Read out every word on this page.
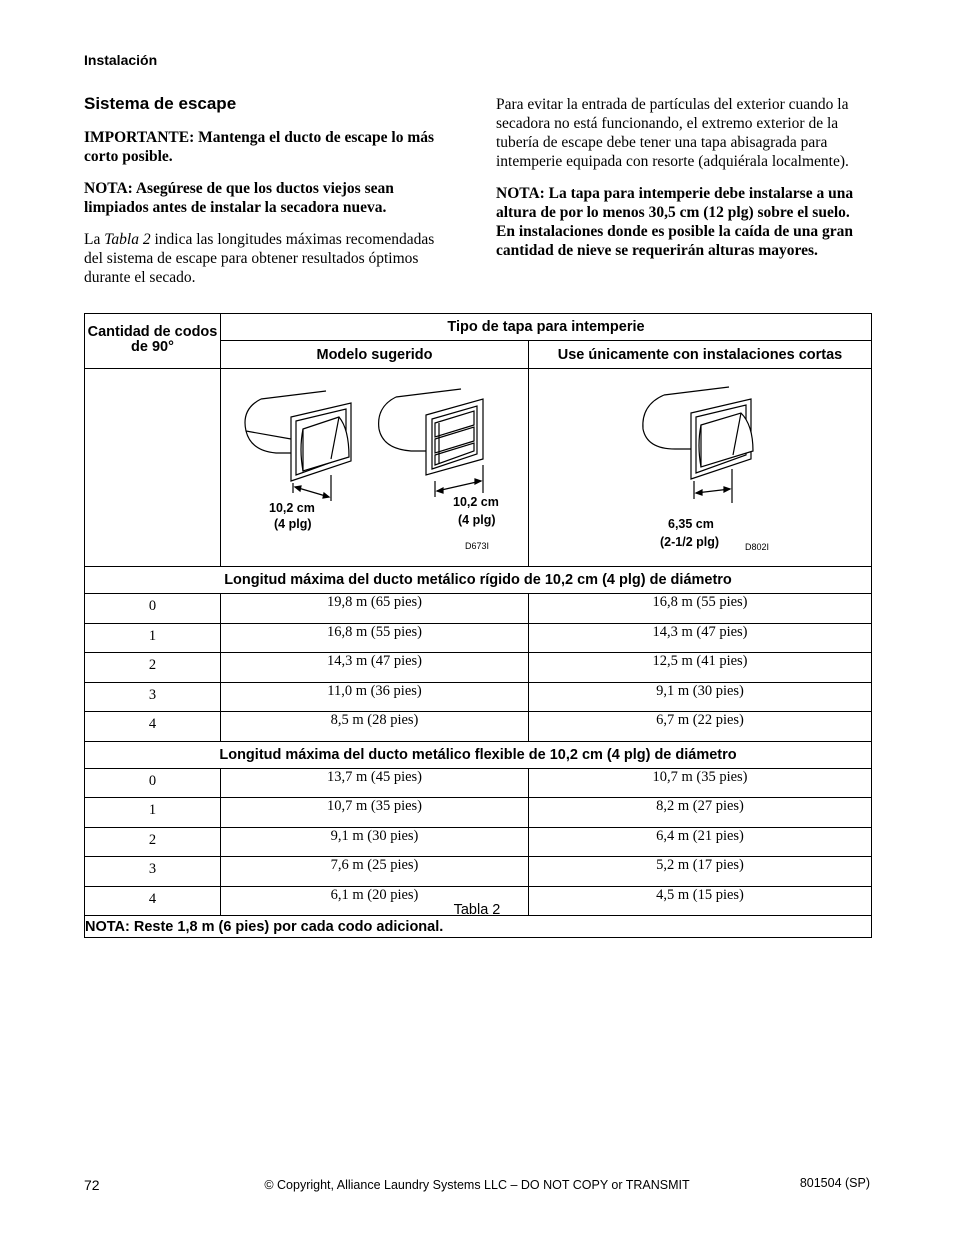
Instalación
Sistema de escape

IMPORTANTE: Mantenga el ducto de escape lo más corto posible.

NOTA: Asegúrese de que los ductos viejos sean limpiados antes de instalar la secadora nueva.

La Tabla 2 indica las longitudes máximas recomendadas del sistema de escape para obtener resultados óptimos durante el secado.

Para evitar la entrada de partículas del exterior cuando la secadora no está funcionando, el extremo exterior de la tubería de escape debe tener una tapa abisagrada para intemperie equipada con resorte (adquiérala localmente).

NOTA: La tapa para intemperie debe instalarse a una altura de por lo menos 30,5 cm (12 plg) sobre el suelo. En instalaciones donde es posible la caída de una gran cantidad de nieve se requerirán alturas mayores.

Cantidad de codos de 90°	Tipo de tapa para intemperie	
	Modelo sugerido	Use únicamente con instalaciones cortas

10,2 cm
(4 plg)
10,2 cm
(4 plg)
D673I	6,35 cm
(2-1/2 plg) D802I

Longitud máxima del ducto metálico rígido de 10,2 cm (4 plg) de diámetro		
0	19,8 m (65 pies)	16,8 m (55 pies)
1	16,8 m (55 pies)	14,3 m (47 pies)
2	14,3 m (47 pies)	12,5 m (41 pies)
3	11,0 m (36 pies)	9,1 m (30 pies)
4	8,5 m (28 pies)	6,7 m (22 pies)
Longitud máxima del ducto metálico flexible de 10,2 cm (4 plg) de diámetro		
0	13,7 m (45 pies)	10,7 m (35 pies)
1	10,7 m (35 pies)	8,2 m (27 pies)
2	9,1 m (30 pies)	6,4 m (21 pies)
3	7,6 m (25 pies)	5,2 m (17 pies)
4	6,1 m (20 pies)	4,5 m (15 pies)
NOTA: Reste 1,8 m (6 pies) por cada codo adicional.		
Tabla 2
72	© Copyright, Alliance Laundry Systems LLC – DO NOT COPY or TRANSMIT	801504 (SP)
